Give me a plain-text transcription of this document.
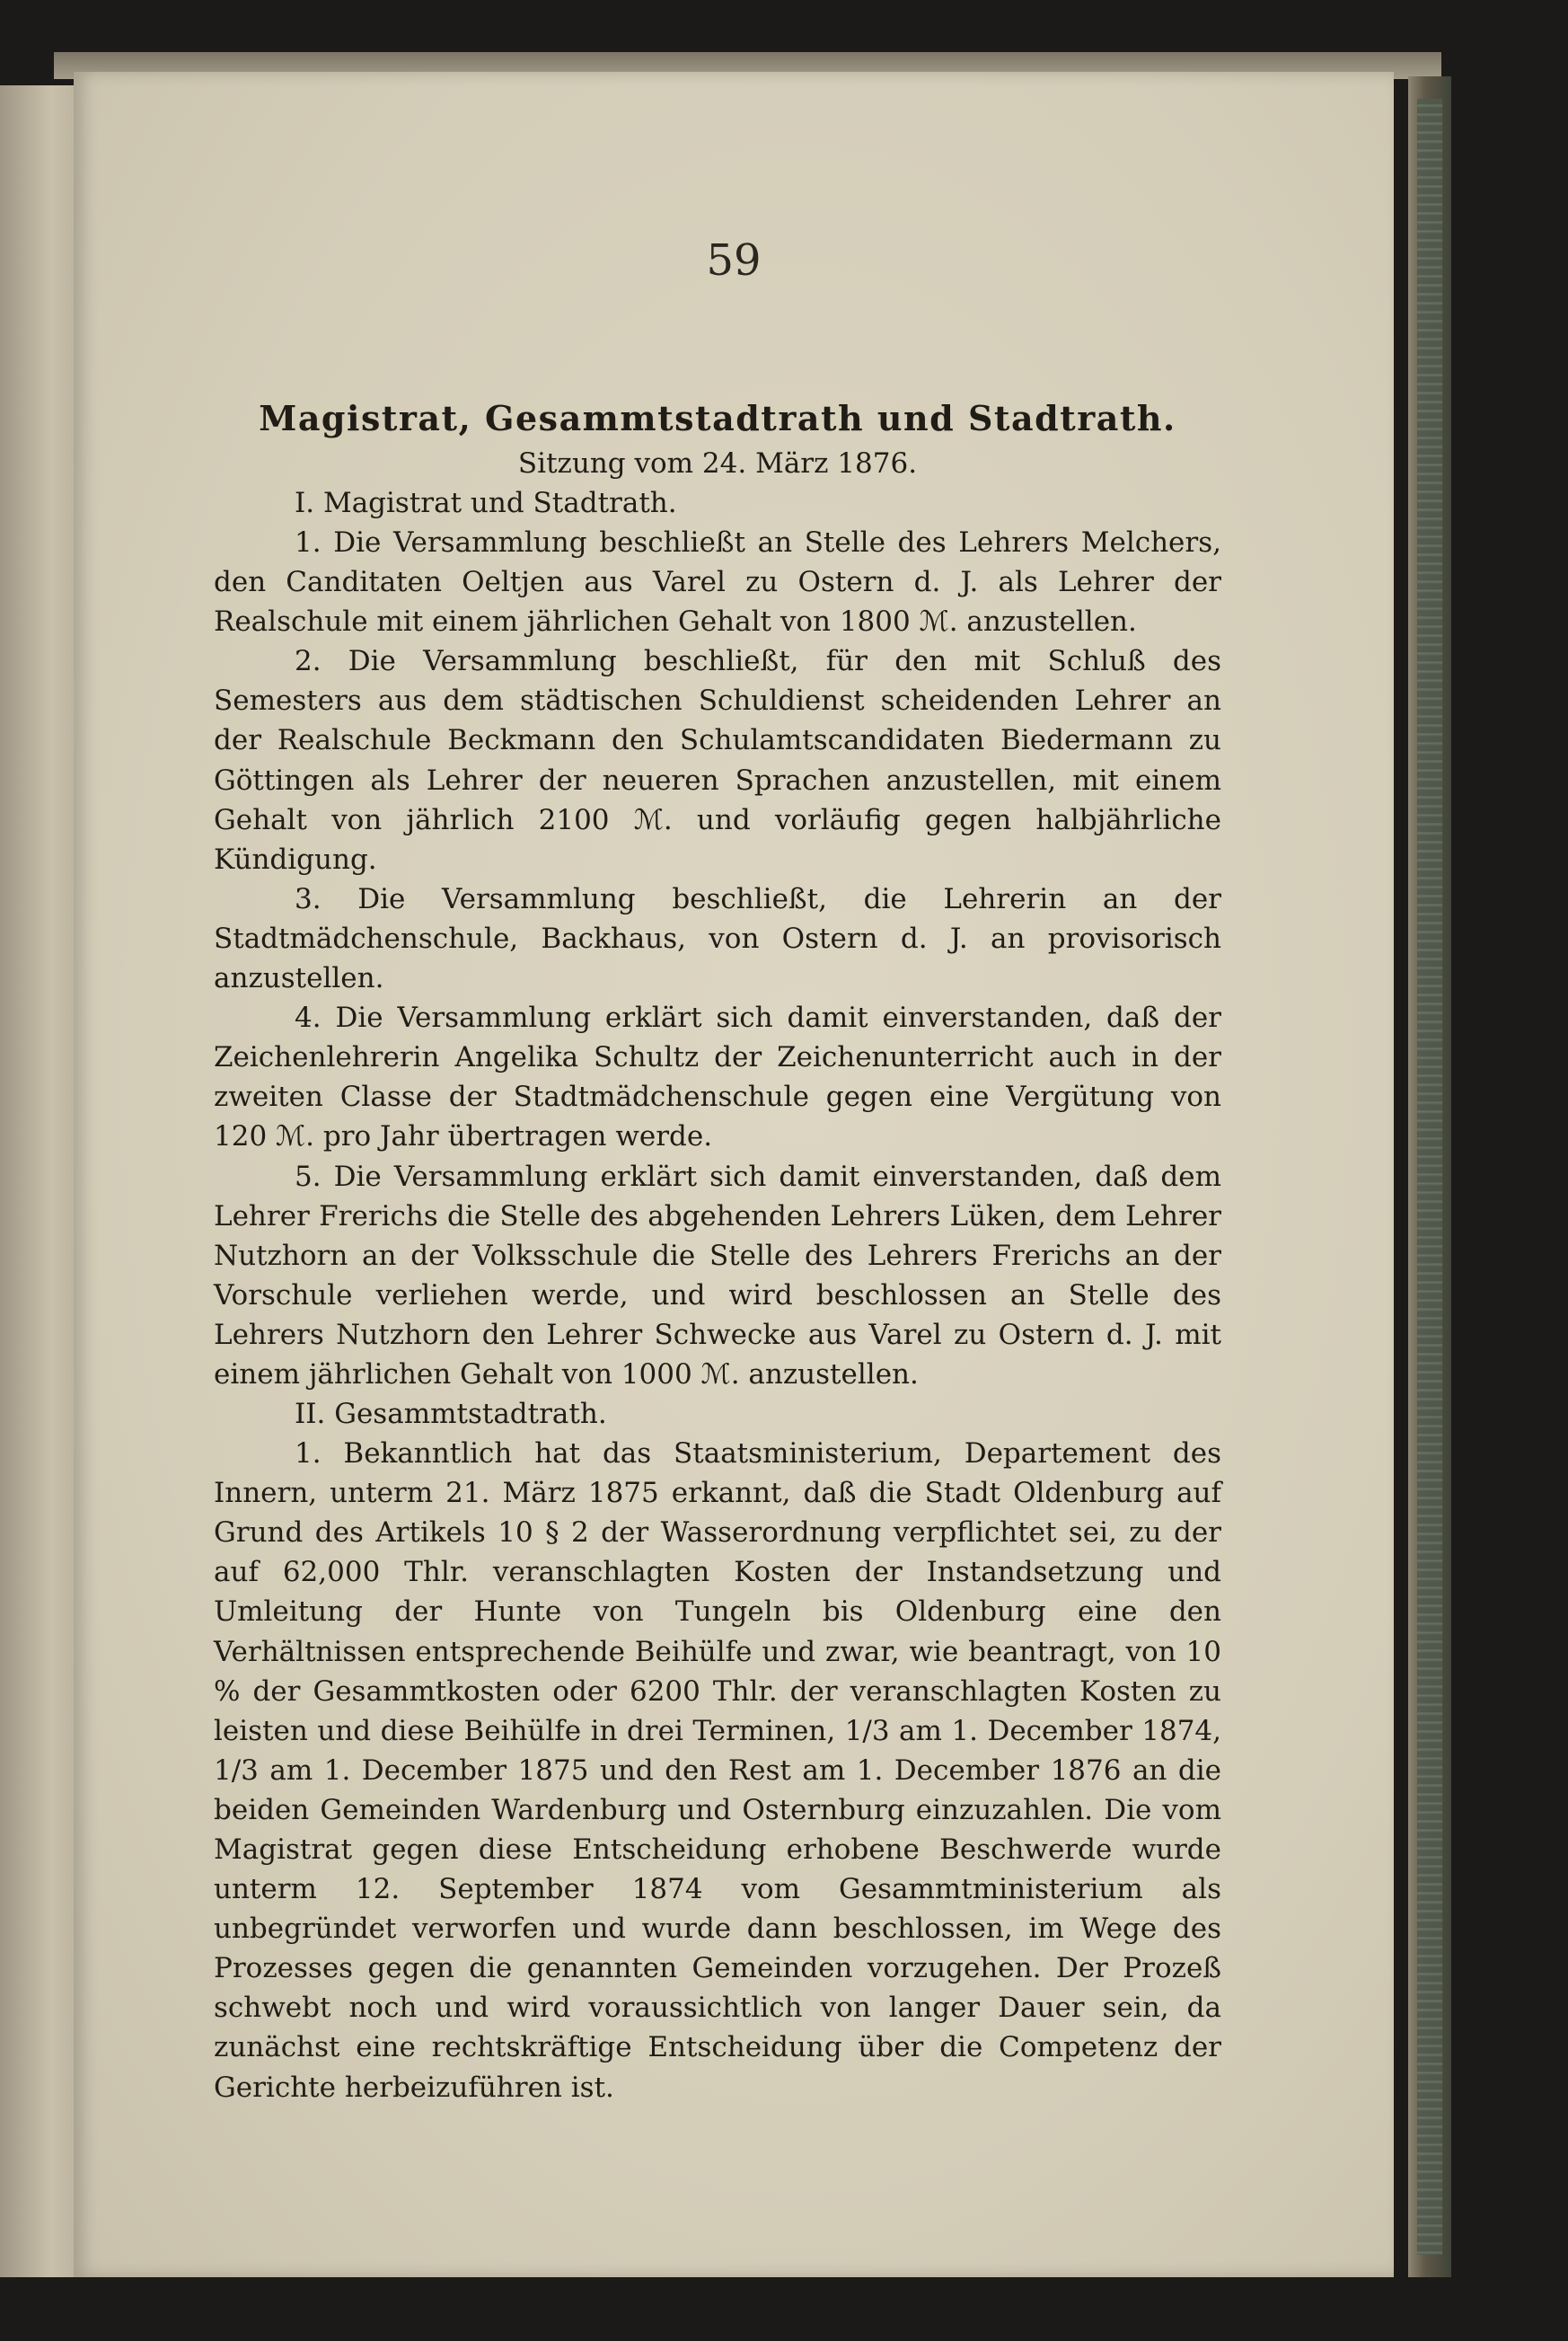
59

Magistrat, Gesammtstadtrath und Stadtrath.

Sitzung vom 24. März 1876.

I. Magistrat und Stadtrath.

1. Die Versammlung beschließt an Stelle des Lehrers Melchers, den Canditaten Oeltjen aus Varel zu Ostern d. J. als Lehrer der Realschule mit einem jährlichen Gehalt von 1800 ℳ. anzustellen.

2. Die Versammlung beschließt, für den mit Schluß des Semesters aus dem städtischen Schuldienst scheidenden Lehrer an der Realschule Beckmann den Schulamtscandidaten Biedermann zu Göttingen als Lehrer der neueren Sprachen anzustellen, mit einem Gehalt von jährlich 2100 ℳ. und vorläufig gegen halbjährliche Kündigung.

3. Die Versammlung beschließt, die Lehrerin an der Stadtmädchenschule, Backhaus, von Ostern d. J. an provisorisch anzustellen.

4. Die Versammlung erklärt sich damit einverstanden, daß der Zeichenlehrerin Angelika Schultz der Zeichenunterricht auch in der zweiten Classe der Stadtmädchenschule gegen eine Vergütung von 120 ℳ. pro Jahr übertragen werde.

5. Die Versammlung erklärt sich damit einverstanden, daß dem Lehrer Frerichs die Stelle des abgehenden Lehrers Lüken, dem Lehrer Nutzhorn an der Volksschule die Stelle des Lehrers Frerichs an der Vorschule verliehen werde, und wird beschlossen an Stelle des Lehrers Nutzhorn den Lehrer Schwecke aus Varel zu Ostern d. J. mit einem jährlichen Gehalt von 1000 ℳ. anzustellen.

II. Gesammtstadtrath.

1. Bekanntlich hat das Staatsministerium, Departement des Innern, unterm 21. März 1875 erkannt, daß die Stadt Oldenburg auf Grund des Artikels 10 § 2 der Wasserordnung verpflichtet sei, zu der auf 62,000 Thlr. veranschlagten Kosten der Instandsetzung und Umleitung der Hunte von Tungeln bis Oldenburg eine den Verhältnissen entsprechende Beihülfe und zwar, wie beantragt, von 10 % der Gesammtkosten oder 6200 Thlr. der veranschlagten Kosten zu leisten und diese Beihülfe in drei Terminen, 1/3 am 1. December 1874, 1/3 am 1. December 1875 und den Rest am 1. December 1876 an die beiden Gemeinden Wardenburg und Osternburg einzuzahlen. Die vom Magistrat gegen diese Entscheidung erhobene Beschwerde wurde unterm 12. September 1874 vom Gesammtministerium als unbegründet verworfen und wurde dann beschlossen, im Wege des Prozesses gegen die genannten Gemeinden vorzugehen. Der Prozeß schwebt noch und wird voraussichtlich von langer Dauer sein, da zunächst eine rechtskräftige Entscheidung über die Competenz der Gerichte herbeizuführen ist.
